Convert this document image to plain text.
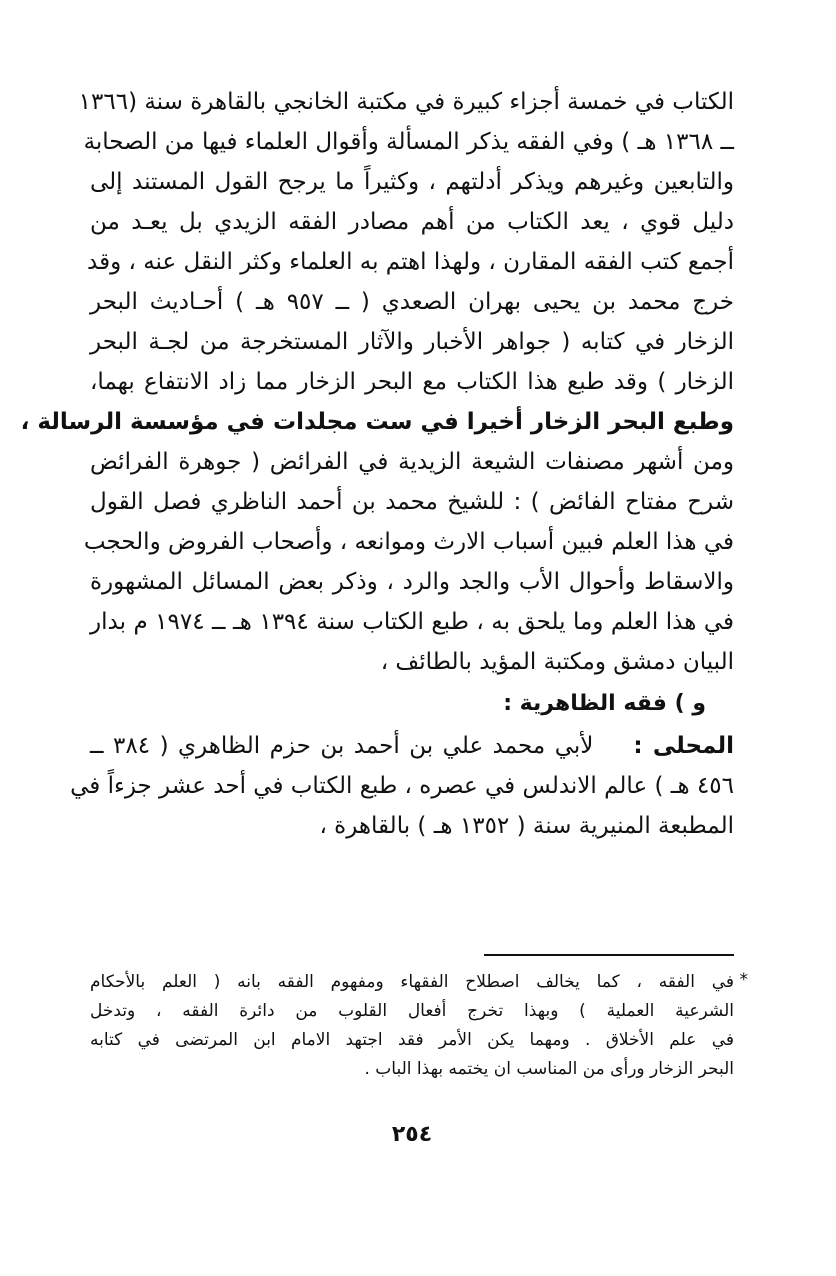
الكتاب في خمسة أجزاء كبيرة في مكتبة الخانجي بالقاهرة سنة (١٣٦٦
ــ ١٣٦٨ هـ ) وفي الفقه يذكر المسألة وأقوال العلماء فيها من الصحابة
والتابعين وغيرهم ويذكر أدلتهم ، وكثيراً ما يرجح القول المستند إلى
دليل قوي ، يعد الكتاب من أهم مصادر الفقه الزيدي بل يعـد من
أجمع كتب الفقه المقارن ، ولهذا اهتم به العلماء وكثر النقل عنه ، وقد
خرج محمد بن يحيى بهران الصعدي ( ــ ٩٥٧ هـ ) أحـاديث البحر
الزخار في كتابه ( جواهر الأخبار والآثار المستخرجة من لجـة البحر
الزخار ) وقد طبع هذا الكتاب مع البحر الزخار مما زاد الانتفاع بهما،
وطبع البحر الزخار أخيرا في ست مجلدات في مؤسسة الرسالة ،
ومن أشهر مصنفات الشيعة الزيدية في الفرائض ( جوهرة الفرائض
شرح مفتاح الفائض ) : للشيخ محمد بن أحمد الناظري فصل القول
في هذا العلم فبين أسباب الارث وموانعه ، وأصحاب الفروض والحجب
والاسقاط وأحوال الأب والجد والرد ، وذكر بعض المسائل المشهورة
في هذا العلم وما يلحق به ، طبع الكتاب سنة ١٣٩٤ هـ ــ ١٩٧٤ م بدار
البيان دمشق ومكتبة المؤيد بالطائف ،
و ) فقه الظاهرية :
المحلى :لأبي محمد علي بن أحمد بن حزم الظاهري ( ٣٨٤ ــ
٤٥٦ هـ ) عالم الاندلس في عصره ، طبع الكتاب في أحد عشر جزءاً في
المطبعة المنيرية سنة ( ١٣٥٢ هـ ) بالقاهرة ،
*
في الفقه ، كما يخالف اصطلاح الفقهاء ومفهوم الفقه بانه ( العلم بالأحكام
الشرعية العملية ) وبهذا تخرج أفعال القلوب من دائرة الفقه ، وتدخل
في علم الأخلاق . ومهما يكن الأمر فقد اجتهد الامام ابن المرتضى في كتابه
البحر الزخار ورأى من المناسب ان يختمه بهذا الباب .
٢٥٤
